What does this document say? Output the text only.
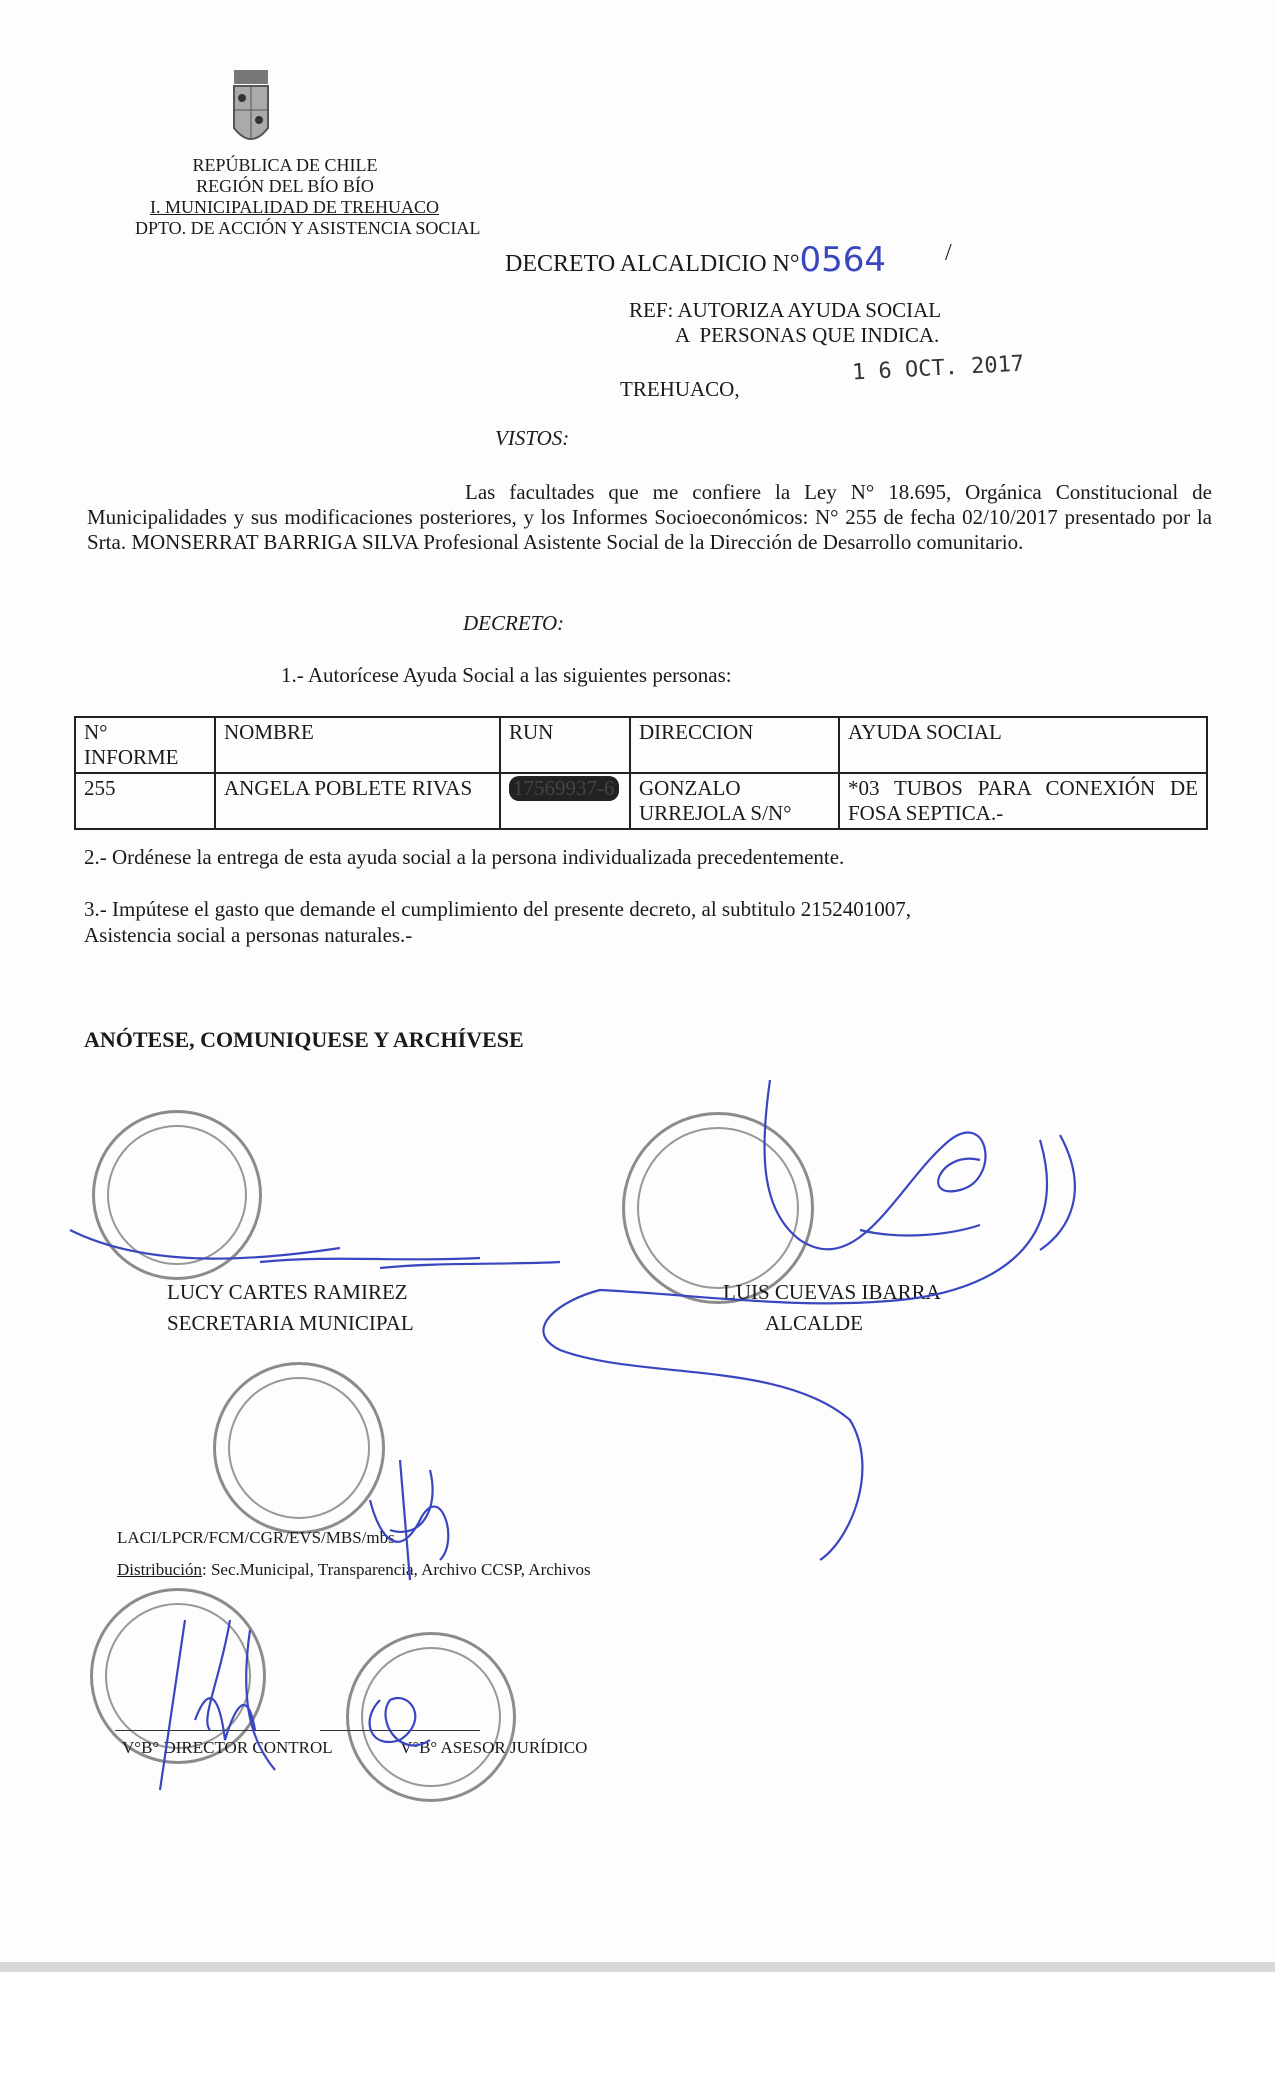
REPÚBLICA DE CHILE
REGIÓN DEL BÍO BÍO
I. MUNICIPALIDAD DE TREHUACO
DPTO. DE ACCIÓN Y ASISTENCIA SOCIAL
DECRETO ALCALDICIO N°0564 /
REF: AUTORIZA AYUDA SOCIAL
A  PERSONAS QUE INDICA.
1 6 OCT. 2017
TREHUACO,
VISTOS:
Las facultades que me confiere la Ley N° 18.695, Orgánica Constitucional de Municipalidades y sus modificaciones posteriores, y los Informes Socioeconómicos: N° 255 de fecha 02/10/2017 presentado por la Srta. MONSERRAT BARRIGA SILVA Profesional Asistente Social de la Dirección de Desarrollo comunitario.
DECRETO:
1.- Autorícese Ayuda Social a las siguientes personas:
N° INFORME	NOMBRE	RUN	DIRECCION	AYUDA SOCIAL
255	ANGELA POBLETE RIVAS	17569937-6	GONZALO URREJOLA S/N°	*03 TUBOS PARA CONEXIÓN DE FOSA SEPTICA.-
2.- Ordénese la entrega de esta ayuda social a la persona individualizada precedentemente.
3.- Impútese el gasto que demande el cumplimiento del presente decreto, al subtitulo 2152401007,
Asistencia social a personas naturales.-
ANÓTESE, COMUNIQUESE Y ARCHÍVESE
LUCY CARTES RAMIREZ
SECRETARIA MUNICIPAL
LUIS CUEVAS IBARRA
ALCALDE
LACI/LPCR/FCM/CGR/EVS/MBS/mbs
Distribución: Sec.Municipal, Transparencia, Archivo CCSP, Archivos
V°B° DIRECTOR CONTROL	V°B° ASESOR JURÍDICO
